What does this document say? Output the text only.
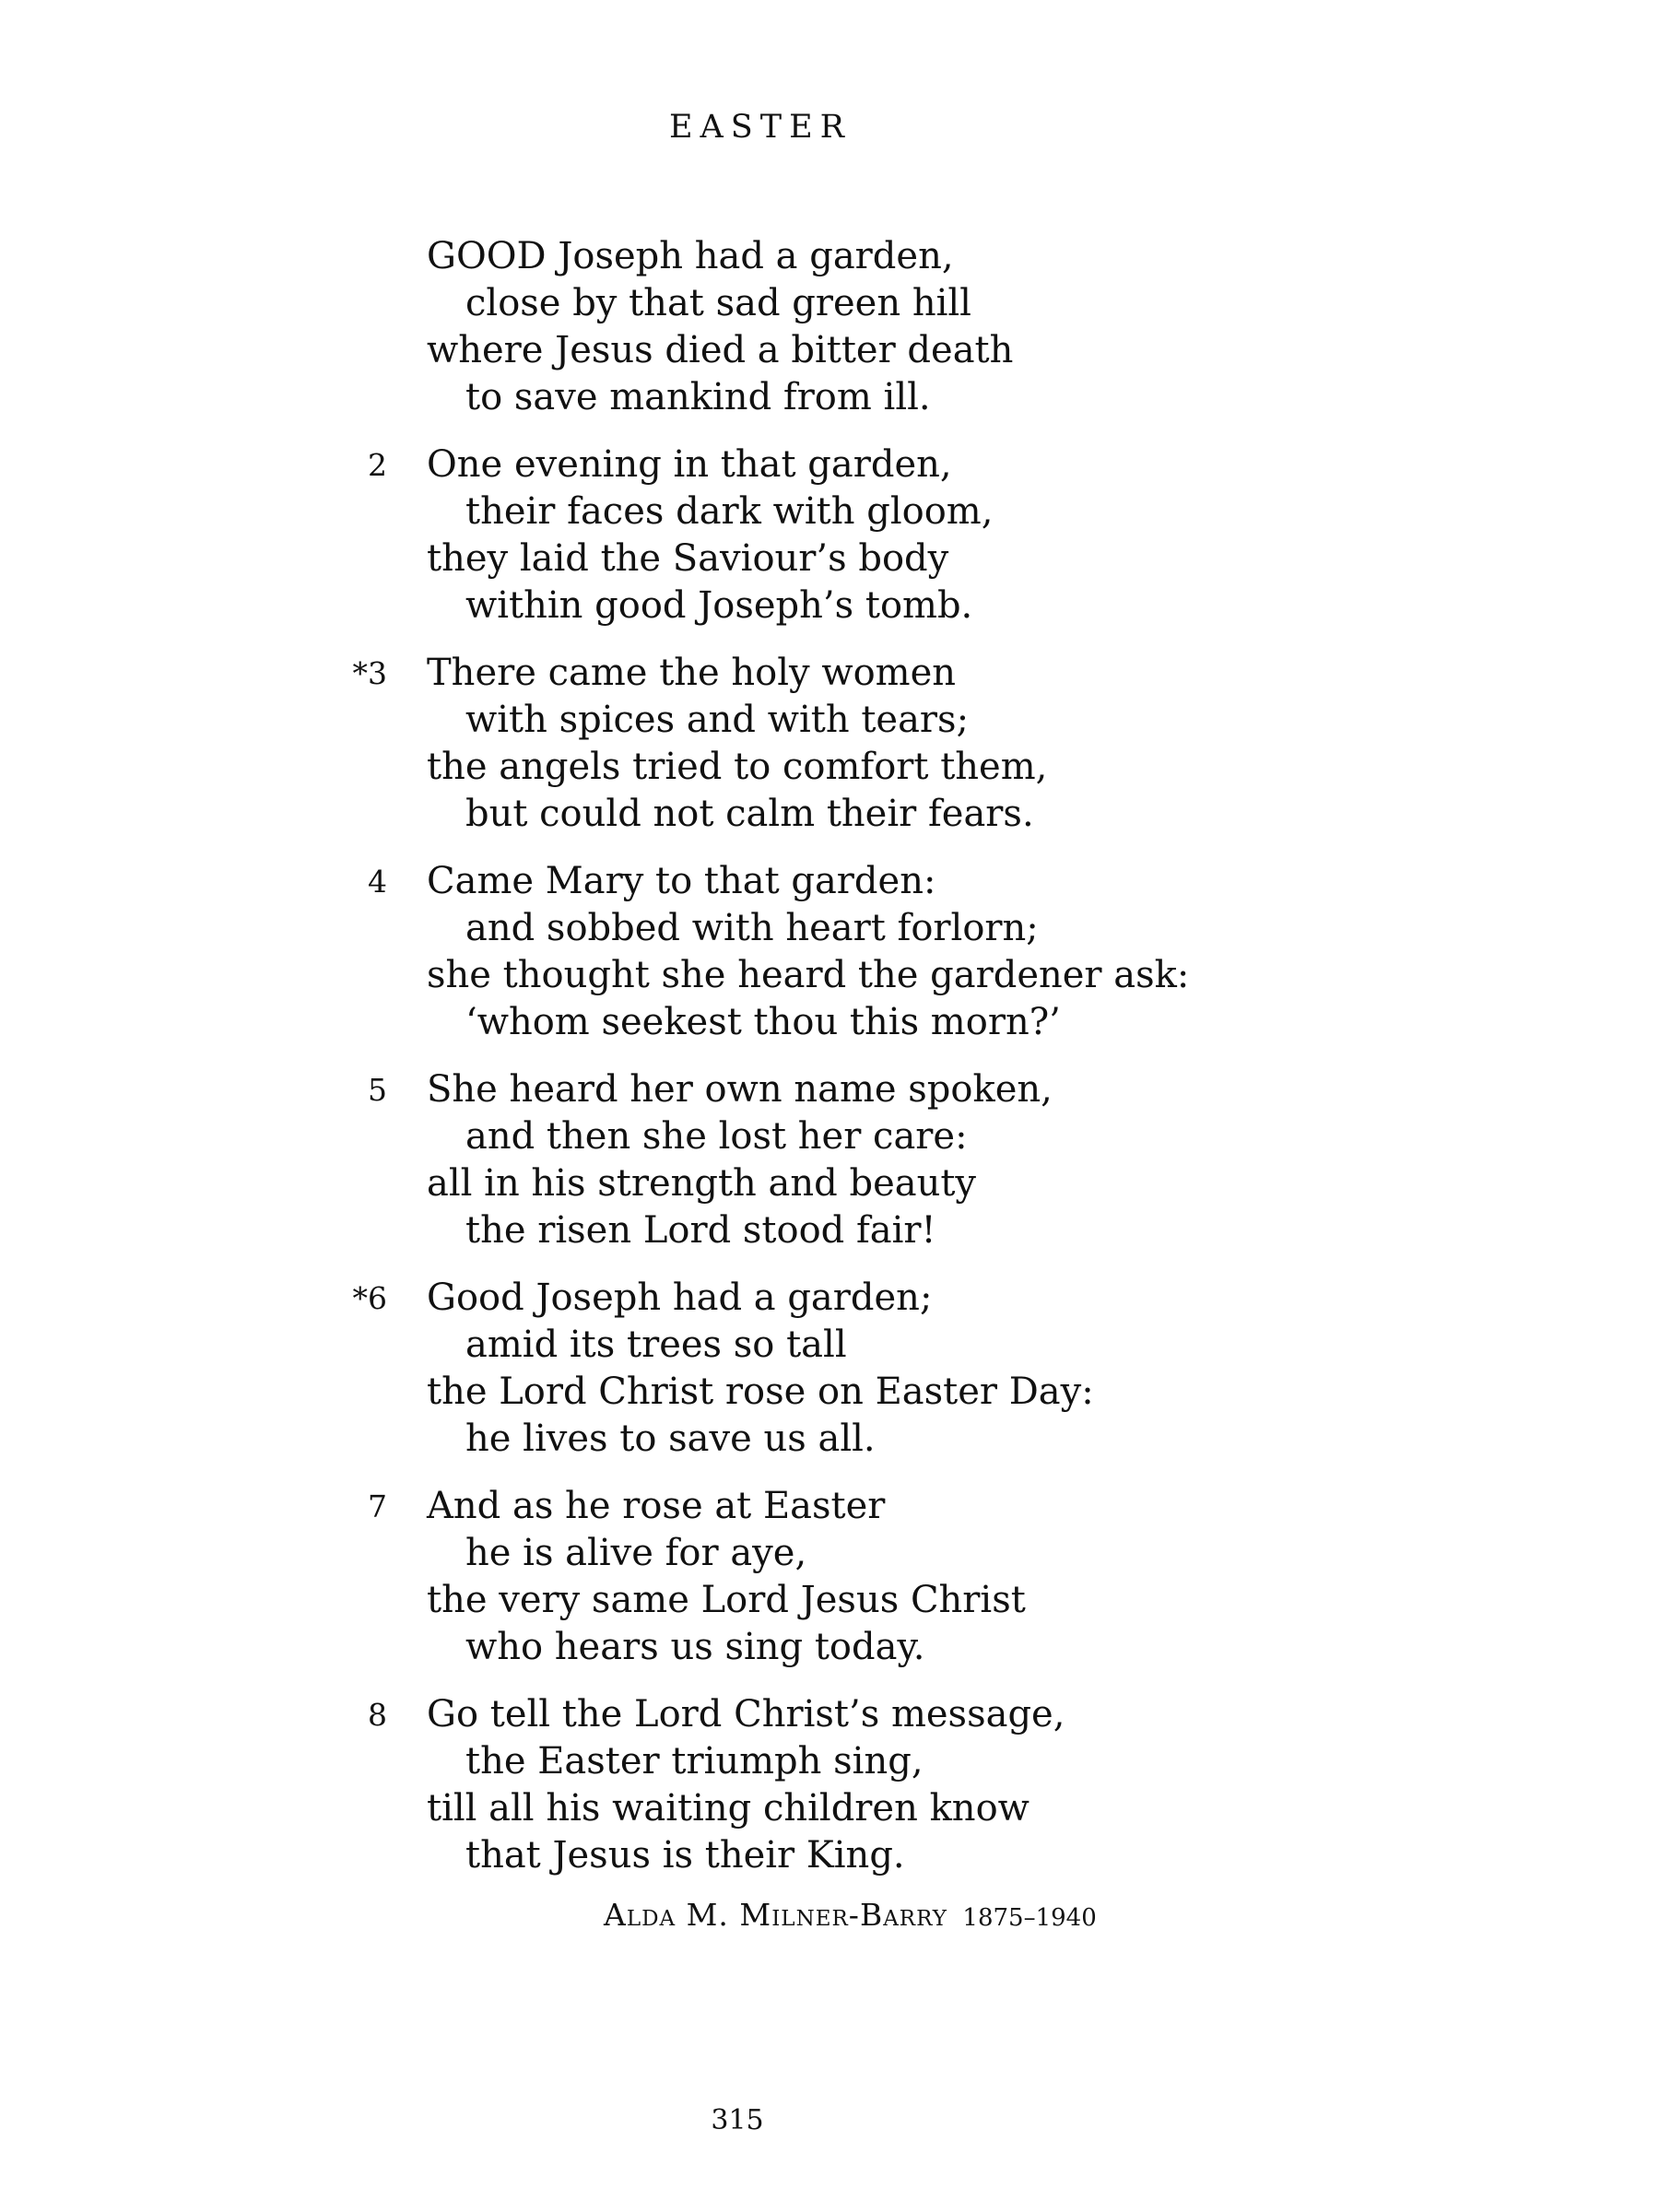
EASTER
GOOD Joseph had a garden,
close by that sad green hill
where Jesus died a bitter death
to save mankind from ill.
2 One evening in that garden,
their faces dark with gloom,
they laid the Saviour’s body
within good Joseph’s tomb.
*3 There came the holy women
with spices and with tears;
the angels tried to comfort them,
but could not calm their fears.
4 Came Mary to that garden:
and sobbed with heart forlorn;
she thought she heard the gardener ask:
‘whom seekest thou this morn?’
5 She heard her own name spoken,
and then she lost her care:
all in his strength and beauty
the risen Lord stood fair!
*6 Good Joseph had a garden;
amid its trees so tall
the Lord Christ rose on Easter Day:
he lives to save us all.
7 And as he rose at Easter
he is alive for aye,
the very same Lord Jesus Christ
who hears us sing today.
8 Go tell the Lord Christ’s message,
the Easter triumph sing,
till all his waiting children know
that Jesus is their King.
Alda M. Milner-Barry 1875–1940
315
